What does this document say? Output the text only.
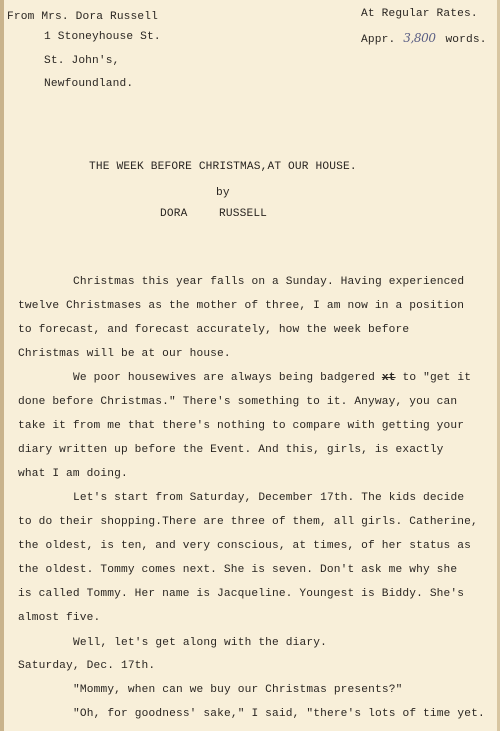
From Mrs. Dora Russell
1 Stoneyhouse St.
St. John's,
Newfoundland.
At Regular Rates.
Appr. 3,800 words.
THE WEEK BEFORE CHRISTMAS,AT OUR HOUSE.
by
DORA	RUSSELL
Christmas this year falls on a Sunday. Having experienced
twelve Christmases as the mother of three, I am now in a position
to forecast, and forecast accurately, how the week before
Christmas will be at our house.
We poor housewives are always being badgered xt to "get it
done before Christmas." There's something to it. Anyway, you can
take it from me that there's nothing to compare with getting your
diary written up before the Event. And this, girls, is exactly
what I am doing.
Let's start from Saturday, December 17th. The kids decide
to do their shopping.There are three of them, all girls. Catherine,
the oldest, is ten, and very conscious, at times, of her status as
the oldest. Tommy comes next. She is seven. Don't ask me why she
is called Tommy. Her name is Jacqueline. Youngest is Biddy. She's
almost five.
Well, let's get along with the diary.
Saturday, Dec. 17th.
"Mommy, when can we buy our Christmas presents?"
"Oh, for goodness' sake," I said, "there's lots of time yet.
